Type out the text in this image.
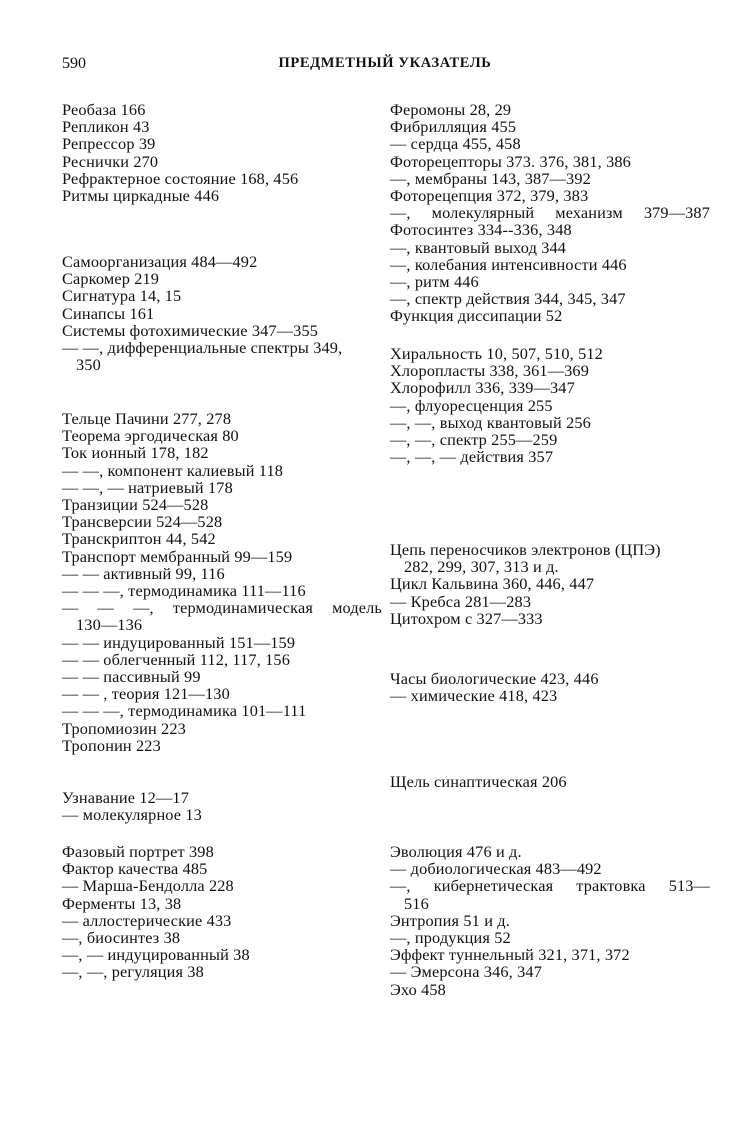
590	ПРЕДМЕТНЫЙ УКАЗАТЕЛЬ
Реобаза 166
Репликон 43
Репрессор 39
Реснички 270
Рефрактерное состояние 168, 456
Ритмы циркадные 446
Самоорганизация 484—492
Саркомер 219
Сигнатура 14, 15
Синапсы 161
Системы фотохимические 347—355
— —, дифференциальные спектры 349,
350
Тельце Пачини 277, 278
Теорема эргодическая 80
Ток ионный 178, 182
— —, компонент калиевый 118
— —, — натриевый 178
Транзиции 524—528
Трансверсии 524—528
Транскриптон 44, 542
Транспорт мембранный 99—159
— — активный 99, 116
— — —, термодинамика 111—116
— — —, термодинамическая модель
130—136
— — индуцированный 151—159
— — облегченный 112, 117, 156
— — пассивный 99
— — , теория 121—130
— — —, термодинамика 101—111
Тропомиозин 223
Тропонин 223
Узнавание 12—17
— молекулярное 13
Фазовый портрет 398
Фактор качества 485
— Марша-Бендолла 228
Ферменты 13, 38
— аллостерические 433
—, биосинтез 38
—, — индуцированный 38
—, —, регуляция 38
Феромоны 28, 29
Фибрилляция 455
— сердца 455, 458
Фоторецепторы 373. 376, 381, 386
—, мембраны 143, 387—392
Фоторецепция 372, 379, 383
—, молекулярный механизм 379—387
Фотосинтез 334--336, 348
—, квантовый выход 344
—, колебания интенсивности 446
—, ритм 446
—, спектр действия 344, 345, 347
Функция диссипации 52
Хиральность 10, 507, 510, 512
Хлоропласты 338, 361—369
Хлорофилл 336, 339—347
—, флуоресценция 255
—, —, выход квантовый 256
—, —, спектр 255—259
—, —, — действия 357
Цепь переносчиков электронов (ЦПЭ)
282, 299, 307, 313 и д.
Цикл Кальвина 360, 446, 447
— Кребса 281—283
Цитохром c 327—333
Часы биологические 423, 446
— химические 418, 423
Щель синаптическая 206
Эволюция 476 и д.
— добиологическая 483—492
—, кибернетическая трактовка 513—
516
Энтропия 51 и д.
—, продукция 52
Эффект туннельный 321, 371, 372
— Эмерсона 346, 347
Эхо 458
